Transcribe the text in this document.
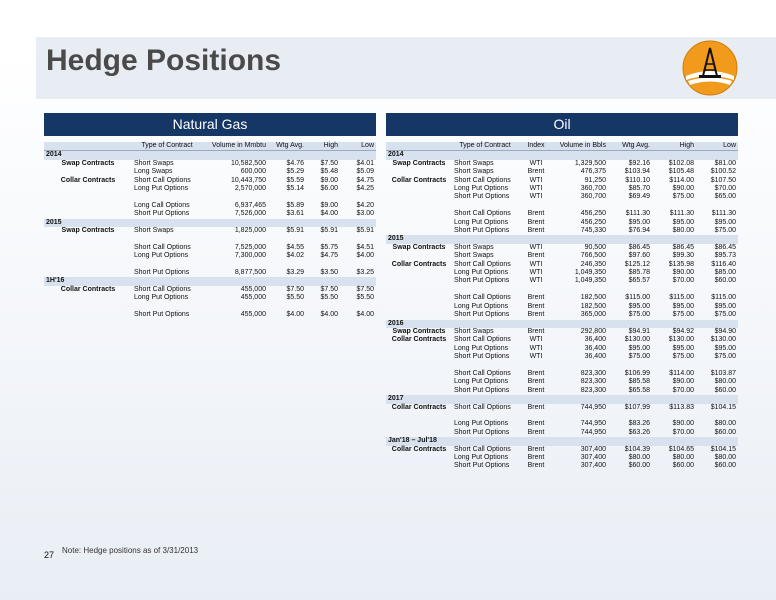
Hedge Positions
Natural Gas	Oil
	Type of Contract	Volume in Mmbtu	Wtg Avg.	High	Low
2014					
Swap Contracts	Short Swaps	10,582,500	$4.76	$7.50	$4.01
	Long Swaps	600,000	$5.29	$5.48	$5.09
Collar Contracts	Short Call Options	10,443,750	$5.59	$9.00	$4.75
	Long Put Options	2,570,000	$5.14	$6.00	$4.25

	Long Call Options	6,937,465	$5.89	$9.00	$4.20
	Short Put Options	7,526,000	$3.61	$4.00	$3.00
2015					
Swap Contracts	Short Swaps	1,825,000	$5.91	$5.91	$5.91

	Short Call Options	7,525,000	$4.55	$5.75	$4.51
	Long Put Options	7,300,000	$4.02	$4.75	$4.00

	Short Put Options	8,877,500	$3.29	$3.50	$3.25
1H'16					
Collar Contracts	Short Call Options	455,000	$7.50	$7.50	$7.50
	Long Put Options	455,000	$5.50	$5.50	$5.50

	Short Put Options	455,000	$4.00	$4.00	$4.00
	Type of Contract	Index	Volume in Bbls	Wtg Avg.	High	Low
2014						
Swap Contracts	Short Swaps	WTI	1,329,500	$92.16	$102.08	$81.00
	Short Swaps	Brent	476,375	$103.94	$105.48	$100.52
Collar Contracts	Short Call Options	WTI	91,250	$110.10	$114.00	$107.50
	Long Put Options	WTI	360,700	$85.70	$90.00	$70.00
	Short Put Options	WTI	360,700	$69.49	$75.00	$65.00

	Short Call Options	Brent	456,250	$111.30	$111.30	$111.30
	Long Put Options	Brent	456,250	$95.00	$95.00	$95.00
	Short Put Options	Brent	745,330	$76.94	$80.00	$75.00
2015						
Swap Contracts	Short Swaps	WTI	90,500	$86.45	$86.45	$86.45
	Short Swaps	Brent	766,500	$97.60	$99.30	$95.73
Collar Contracts	Short Call Options	WTI	246,350	$125.12	$135.98	$116.40
	Long Put Options	WTI	1,049,350	$85.78	$90.00	$85.00
	Short Put Options	WTI	1,049,350	$65.57	$70.00	$60.00

	Short Call Options	Brent	182,500	$115.00	$115.00	$115.00
	Long Put Options	Brent	182,500	$95.00	$95.00	$95.00
	Short Put Options	Brent	365,000	$75.00	$75.00	$75.00
2016						
Swap Contracts	Short Swaps	Brent	292,800	$94.91	$94.92	$94.90
Collar Contracts	Short Call Options	WTI	36,400	$130.00	$130.00	$130.00
	Long Put Options	WTI	36,400	$95.00	$95.00	$95.00
	Short Put Options	WTI	36,400	$75.00	$75.00	$75.00

	Short Call Options	Brent	823,300	$106.99	$114.00	$103.87
	Long Put Options	Brent	823,300	$85.58	$90.00	$80.00
	Short Put Options	Brent	823,300	$65.58	$70.00	$60.00
2017						
Collar Contracts	Short Call Options	Brent	744,950	$107.99	$113.83	$104.15

	Long Put Options	Brent	744,950	$83.26	$90.00	$80.00
	Short Put Options	Brent	744,950	$63.26	$70.00	$60.00
Jan'18 – Jul'18						
Collar Contracts	Short Call Options	Brent	307,400	$104.39	$104.65	$104.15
	Long Put Options	Brent	307,400	$80.00	$80.00	$80.00
	Short Put Options	Brent	307,400	$60.00	$60.00	$60.00
27 Note: Hedge positions as of 3/31/2013
